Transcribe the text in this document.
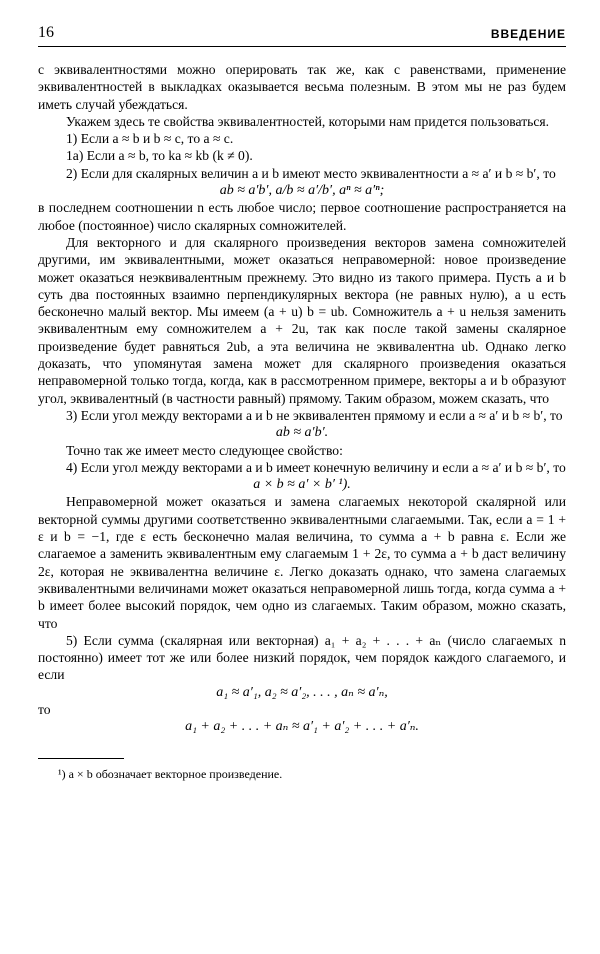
16	ВВЕДЕНИЕ

с эквивалентностями можно оперировать так же, как с равенствами, применение эквивалентностей в выкладках оказывается весьма полезным. В этом мы не раз будем иметь случай убеждаться.

Укажем здесь те свойства эквивалентностей, которыми нам придется пользоваться.

1) Если a ≈ b и b ≈ c, то a ≈ c.

1а) Если a ≈ b, то ka ≈ kb (k ≠ 0).

2) Если для скалярных величин a и b имеют место эквивалентности a ≈ a′ и b ≈ b′, то

ab ≈ a′b′, a/b ≈ a′/b′, aⁿ ≈ a′ⁿ;

в последнем соотношении n есть любое число; первое соотношение распространяется на любое (постоянное) число скалярных сомножителей.

Для векторного и для скалярного произведения векторов замена сомножителей другими, им эквивалентными, может оказаться неправомерной: новое произведение может оказаться неэквивалентным прежнему. Это видно из такого примера. Пусть a и b суть два постоянных взаимно перпендикулярных вектора (не равных нулю), а u есть бесконечно малый вектор. Мы имеем (a + u) b = ub. Сомножитель a + u нельзя заменить эквивалентным ему сомножителем a + 2u, так как после такой замены скалярное произведение будет равняться 2ub, а эта величина не эквивалентна ub. Однако легко доказать, что упомянутая замена может для скалярного произведения оказаться неправомерной только тогда, когда, как в рассмотренном примере, векторы a и b образуют угол, эквивалентный (в частности равный) прямому. Таким образом, можем сказать, что

3) Если угол между векторами a и b не эквивалентен прямому и если a ≈ a′ и b ≈ b′, то

ab ≈ a′b′.

Точно так же имеет место следующее свойство:

4) Если угол между векторами a и b имеет конечную величину и если a ≈ a′ и b ≈ b′, то

a × b ≈ a′ × b′ ¹).

Неправомерной может оказаться и замена слагаемых некоторой скалярной или векторной суммы другими соответственно эквивалентными слагаемыми. Так, если a = 1 + ε и b = −1, где ε есть бесконечно малая величина, то сумма a + b равна ε. Если же слагаемое a заменить эквивалентным ему слагаемым 1 + 2ε, то сумма a + b даст величину 2ε, которая не эквивалентна величине ε. Легко доказать однако, что замена слагаемых эквивалентными величинами может оказаться неправомерной лишь тогда, когда сумма a + b имеет более высокий порядок, чем одно из слагаемых. Таким образом, можно сказать, что

5) Если сумма (скалярная или векторная) a₁ + a₂ + . . . + aₙ (число слагаемых n постоянно) имеет тот же или более низкий порядок, чем порядок каждого слагаемого, и если

a₁ ≈ a′₁, a₂ ≈ a′₂, . . . , aₙ ≈ a′ₙ,

то

a₁ + a₂ + . . . + aₙ ≈ a′₁ + a′₂ + . . . + a′ₙ.

¹) a × b обозначает векторное произведение.
